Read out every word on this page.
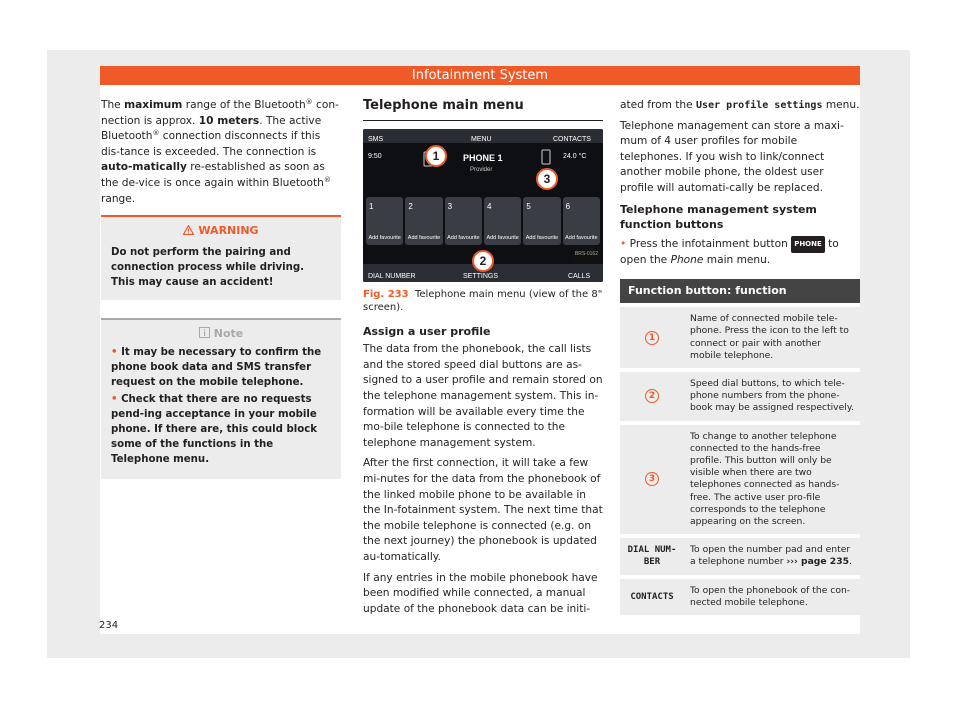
Infotainment System

The maximum range of the Bluetooth® con-nection is approx. 10 meters. The active Bluetooth® connection disconnects if this dis-tance is exceeded. The connection is auto-matically re-established as soon as the de-vice is once again within Bluetooth® range.

WARNING
Do not perform the pairing and connection process while driving. This may cause an accident!
Note
• It may be necessary to confirm the phone book data and SMS transfer request on the mobile telephone.
• Check that there are no requests pend-ing acceptance in your mobile phone. If there are, this could block some of the functions in the Telephone menu.
Telephone main menu
SMS	MENU	CONTACTS
9:50	PHONE 1
Provider
24.0 °C
1
Add favourite
2
Add favourite
3
Add favourite
4
Add favourite
5
Add favourite
6
Add favourite
BRS-0162
DIAL NUMBER	SETTINGS	CALLS
1
2
3
Fig. 233 Telephone main menu (view of the 8" screen).
Assign a user profile

The data from the phonebook, the call lists and the stored speed dial buttons are as-signed to a user profile and remain stored on the telephone management system. This in-formation will be available every time the mo-bile telephone is connected to the telephone management system.

After the first connection, it will take a few mi-nutes for the data from the phonebook of the linked mobile phone to be available in the In-fotainment system. The next time that the mobile telephone is connected (e.g. on the next journey) the phonebook is updated au-tomatically.

If any entries in the mobile phonebook have been modified while connected, a manual update of the phonebook data can be initi-

ated from the User profile settings menu.

Telephone management can store a maxi-mum of 4 user profiles for mobile telephones. If you wish to link/connect another mobile phone, the oldest user profile will automati-cally be replaced.

Telephone management system function buttons

• Press the infotainment button PHONE to open the Phone main menu.

Function button: function	
1	Name of connected mobile tele-phone. Press the icon to the left to connect or pair with another mobile telephone.
2	Speed dial buttons, to which tele-phone numbers from the phone-book may be assigned respectively.
3	To change to another telephone connected to the hands-free profile. This button will only be visible when there are two telephones connected as hands-free. The active user pro-file corresponds to the telephone appearing on the screen.
DIAL NUM-BER	To open the number pad and enter a telephone number ››› page 235.
CONTACTS	To open the phonebook of the con-nected mobile telephone.
234
